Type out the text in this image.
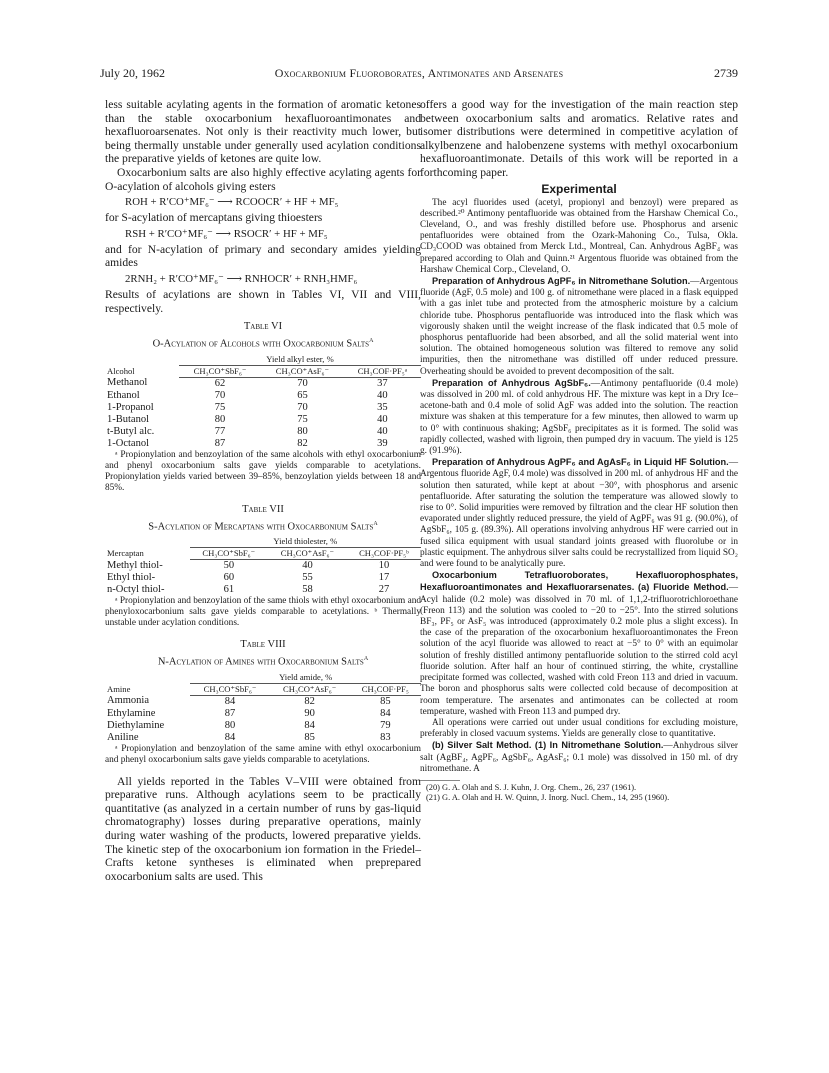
July 20, 1962	Oxocarbonium Fluoroborates, Antimonates and Arsenates	2739

less suitable acylating agents in the formation of aromatic ketones than the stable oxocarbonium hexafluoroantimonates and hexafluoroarsenates. Not only is their reactivity much lower, but being thermally unstable under generally used acylation conditions the preparative yields of ketones are quite low.

Oxocarbonium salts are also highly effective acylating agents for O-acylation of alcohols giving esters

ROH + R′CO⁺MF₆⁻ ⟶ RCOOCR′ + HF + MF₅

for S-acylation of mercaptans giving thioesters

RSH + R′CO⁺MF₆⁻ ⟶ RSOCR′ + HF + MF₅

and for N-acylation of primary and secondary amides yielding amides

2RNH₂ + R′CO⁺MF₆⁻ ⟶ RNHOCR′ + RNH₃HMF₆

Results of acylations are shown in Tables VI, VII and VIII, respectively.

Table VI
O-Acylation of Alcohols with Oxocarbonium Salts$^a$
	Yield alkyl ester, %		
Alcohol	CH₃CO⁺SbF₆⁻	CH₃CO⁺AsF₆⁻	CH₃COF·PF₅ᵃ
Methanol	62	70	37
Ethanol	70	65	40
1-Propanol	75	70	35
1-Butanol	80	75	40
t-Butyl alc.	77	80	40
1-Octanol	87	82	39

ᵃ Propionylation and benzoylation of the same alcohols with ethyl oxocarbonium and phenyl oxocarbonium salts gave yields comparable to acetylations. Propionylation yields varied between 39–85%, benzoylation yields between 18 and 85%.

Table VII
S-Acylation of Mercaptans with Oxocarbonium Salts$^a$
	Yield thiolester, %		
Mercaptan	CH₃CO⁺SbF₆⁻	CH₃CO⁺AsF₆⁻	CH₃COF·PF₅ᵇ
Methyl thiol-	50	40	10
Ethyl thiol-	60	55	17
n-Octyl thiol-	61	58	27

ᵃ Propionylation and benzoylation of the same thiols with ethyl oxocarbonium and phenyloxocarbonium salts gave yields comparable to acetylations. ᵇ Thermally unstable under acylation conditions.

Table VIII
N-Acylation of Amines with Oxocarbonium Salts$^a$
	Yield amide, %		
Amine	CH₃CO⁺SbF₆⁻	CH₃CO⁺AsF₆⁻	CH₃COF·PF₅
Ammonia	84	82	85
Ethylamine	87	90	84
Diethylamine	80	84	79
Aniline	84	85	83

ᵃ Propionylation and benzoylation of the same amine with ethyl oxocarbonium and phenyl oxocarbonium salts gave yields comparable to acetylations.

All yields reported in the Tables V–VIII were obtained from preparative runs. Although acylations seem to be practically quantitative (as analyzed in a certain number of runs by gas-liquid chromatography) losses during preparative operations, mainly during water washing of the products, lowered preparative yields. The kinetic step of the oxocarbonium ion formation in the Friedel–Crafts ketone syntheses is eliminated when preprepared oxocarbonium salts are used. This

offers a good way for the investigation of the main reaction step between oxocarbonium salts and aromatics. Relative rates and isomer distributions were determined in competitive acylation of alkylbenzene and halobenzene systems with methyl oxocarbonium hexafluoroantimonate. Details of this work will be reported in a forthcoming paper.

Experimental

The acyl fluorides used (acetyl, propionyl and benzoyl) were prepared as described.²⁰ Antimony pentafluoride was obtained from the Harshaw Chemical Co., Cleveland, O., and was freshly distilled before use. Phosphorus and arsenic pentafluorides were obtained from the Ozark-Mahoning Co., Tulsa, Okla. CD₃COOD was obtained from Merck Ltd., Montreal, Can. Anhydrous AgBF₄ was prepared according to Olah and Quinn.²¹ Argentous fluoride was obtained from the Harshaw Chemical Corp., Cleveland, O.

Preparation of Anhydrous AgPF₆ in Nitromethane Solution.—Argentous fluoride (AgF, 0.5 mole) and 100 g. of nitromethane were placed in a flask equipped with a gas inlet tube and protected from the atmospheric moisture by a calcium chloride tube. Phosphorus pentafluoride was introduced into the flask which was vigorously shaken until the weight increase of the flask indicated that 0.5 mole of phosphorus pentafluoride had been absorbed, and all the solid material went into solution. The obtained homogeneous solution was filtered to remove any solid impurities, then the nitromethane was distilled off under reduced pressure. Overheating should be avoided to prevent decomposition of the salt.

Preparation of Anhydrous AgSbF₆.—Antimony pentafluoride (0.4 mole) was dissolved in 200 ml. of cold anhydrous HF. The mixture was kept in a Dry Ice–acetone-bath and 0.4 mole of solid AgF was added into the solution. The reaction mixture was shaken at this temperature for a few minutes, then allowed to warm up to 0° with continuous shaking; AgSbF₆ precipitates as it is formed. The solid was rapidly collected, washed with ligroin, then pumped dry in vacuum. The yield is 125 g. (91.9%).

Preparation of Anhydrous AgPF₆ and AgAsF₆ in Liquid HF Solution.—Argentous fluoride AgF, 0.4 mole) was dissolved in 200 ml. of anhydrous HF and the solution then saturated, while kept at about −30°, with phosphorus and arsenic pentafluoride. After saturating the solution the temperature was allowed slowly to rise to 0°. Solid impurities were removed by filtration and the clear HF solution then evaporated under slightly reduced pressure, the yield of AgPF₆ was 91 g. (90.0%), of AgSbF₆, 105 g. (89.3%). All operations involving anhydrous HF were carried out in fused silica equipment with usual standard joints greased with fluorolube or in plastic equipment. The anhydrous silver salts could be recrystallized from liquid SO₂ and were found to be analytically pure.

Oxocarbonium Tetrafluoroborates, Hexafluorophosphates, Hexafluoroantimonates and Hexafluorarsenates. (a) Fluoride Method.—Acyl halide (0.2 mole) was dissolved in 70 ml. of 1,1,2-trifluorotrichloroethane (Freon 113) and the solution was cooled to −20 to −25°. Into the stirred solutions BF₃, PF₅ or AsF₅ was introduced (approximately 0.2 mole plus a slight excess). In the case of the preparation of the oxocarbonium hexafluoroantimonates the Freon solution of the acyl fluoride was allowed to react at −5° to 0° with an equimolar solution of freshly distilled antimony pentafluoride solution to the stirred cold acyl fluoride solution. After half an hour of continued stirring, the white, crystalline precipitate formed was collected, washed with cold Freon 113 and dried in vacuum. The boron and phosphorus salts were collected cold because of decomposition at room temperature. The arsenates and antimonates can be collected at room temperature, washed with Freon 113 and pumped dry.

All operations were carried out under usual conditions for excluding moisture, preferably in closed vacuum systems. Yields are generally close to quantitative.

(b) Silver Salt Method. (1) In Nitromethane Solution.—Anhydrous silver salt (AgBF₄, AgPF₆, AgSbF₆, AgAsF₆; 0.1 mole) was dissolved in 150 ml. of dry nitromethane. A

(20) G. A. Olah and S. J. Kuhn, J. Org. Chem., 26, 237 (1961).

(21) G. A. Olah and H. W. Quinn, J. Inorg. Nucl. Chem., 14, 295 (1960).
